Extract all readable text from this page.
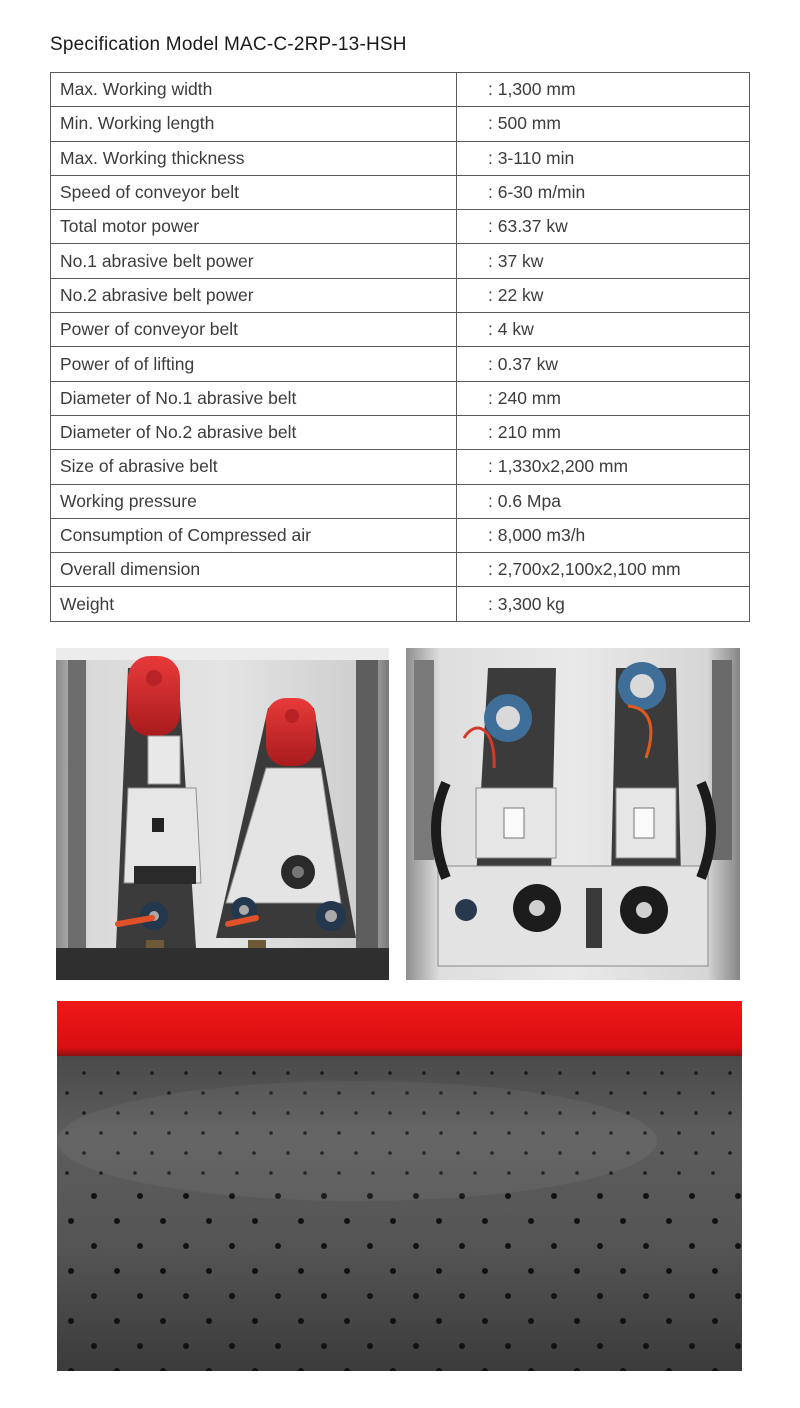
Specification Model MAC-C-2RP-13-HSH
Max. Working width	: 1,300 mm
Min. Working length	: 500 mm
Max. Working thickness	: 3-110 min
Speed of conveyor belt	: 6-30 m/min
Total motor power	: 63.37 kw
No.1 abrasive belt power	: 37 kw
No.2 abrasive belt power	: 22 kw
Power of conveyor belt	: 4 kw
Power of of lifting	: 0.37 kw
Diameter of No.1 abrasive belt	: 240 mm
Diameter of No.2 abrasive belt	: 210 mm
Size of abrasive belt	: 1,330x2,200 mm
Working pressure	: 0.6 Mpa
Consumption of Compressed air	: 8,000 m3/h
Overall dimension	: 2,700x2,100x2,100 mm
Weight	: 3,300 kg
